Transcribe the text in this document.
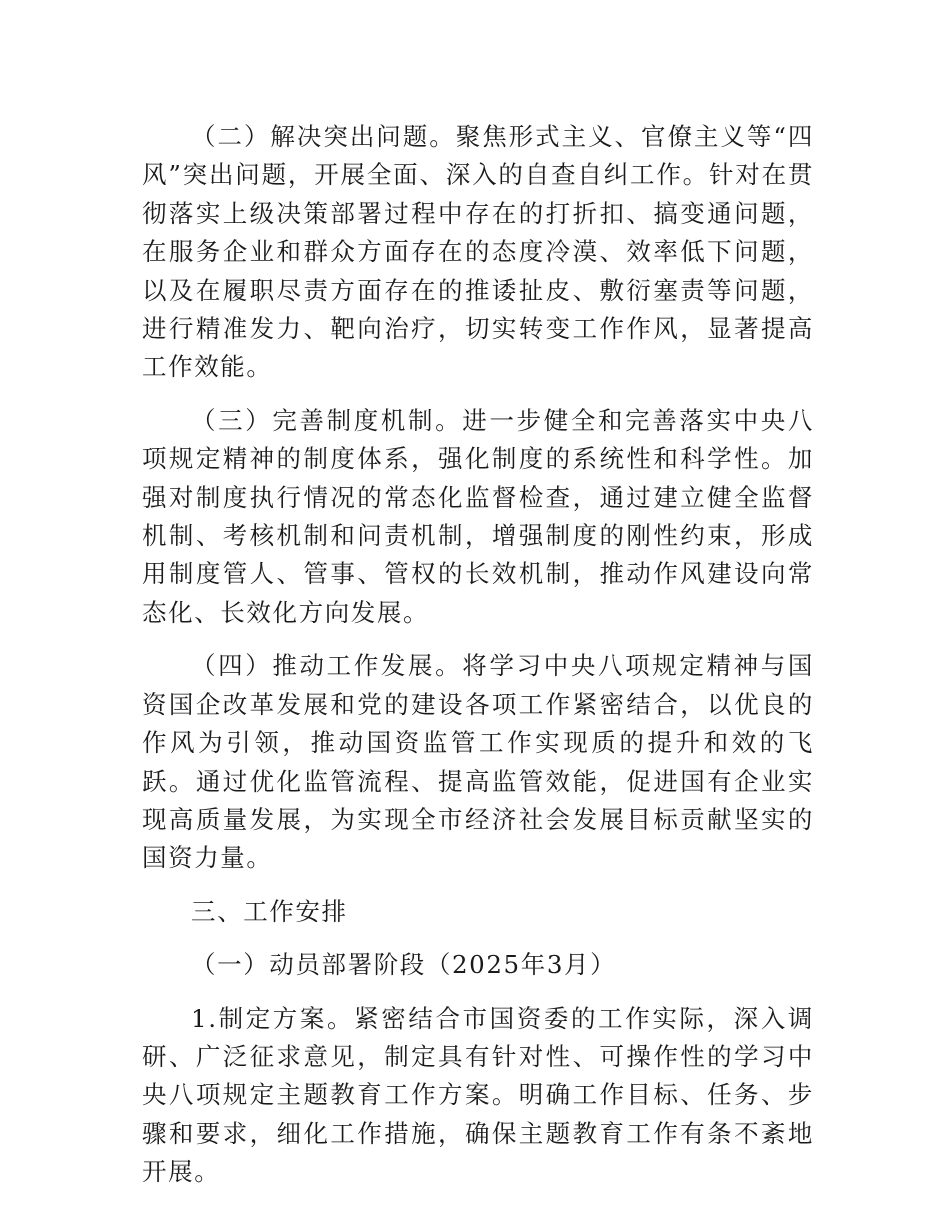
（二）解决突出问题。聚焦形式主义、官僚主义等“四风”突出问题，开展全面、深入的自查自纠工作。针对在贯彻落实上级决策部署过程中存在的打折扣、搞变通问题，在服务企业和群众方面存在的态度冷漠、效率低下问题，以及在履职尽责方面存在的推诿扯皮、敷衍塞责等问题，进行精准发力、靶向治疗，切实转变工作作风，显著提高工作效能。

（三）完善制度机制。进一步健全和完善落实中央八项规定精神的制度体系，强化制度的系统性和科学性。加强对制度执行情况的常态化监督检查，通过建立健全监督机制、考核机制和问责机制，增强制度的刚性约束，形成用制度管人、管事、管权的长效机制，推动作风建设向常态化、长效化方向发展。

（四）推动工作发展。将学习中央八项规定精神与国资国企改革发展和党的建设各项工作紧密结合，以优良的作风为引领，推动国资监管工作实现质的提升和效的飞跃。通过优化监管流程、提高监管效能，促进国有企业实现高质量发展，为实现全市经济社会发展目标贡献坚实的国资力量。

三、工作安排

（一）动员部署阶段（2025年3月）

1.制定方案。紧密结合市国资委的工作实际，深入调研、广泛征求意见，制定具有针对性、可操作性的学习中央八项规定主题教育工作方案。明确工作目标、任务、步骤和要求，细化工作措施，确保主题教育工作有条不紊地开展。
